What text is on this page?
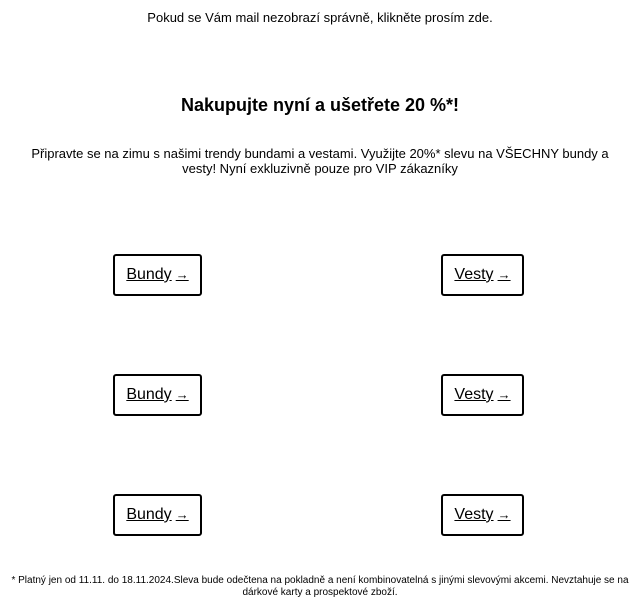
Pokud se Vám mail nezobrazí správně, klikněte prosím zde.
Nakupujte nyní a ušetřete 20 %*!

Připravte se na zimu s našimi trendy bundami a vestami. Využijte 20%* slevu na VŠECHNY bundy a vesty! Nyní exkluzivně pouze pro VIP zákazníky

Bundy →	Vesty →
Bundy →	Vesty →
Bundy →	Vesty →

* Platný jen od 11.11. do 18.11.2024.Sleva bude odečtena na pokladně a není kombinovatelná s jinými slevovými akcemi. Nevztahuje se na dárkové karty a prospektové zboží.
